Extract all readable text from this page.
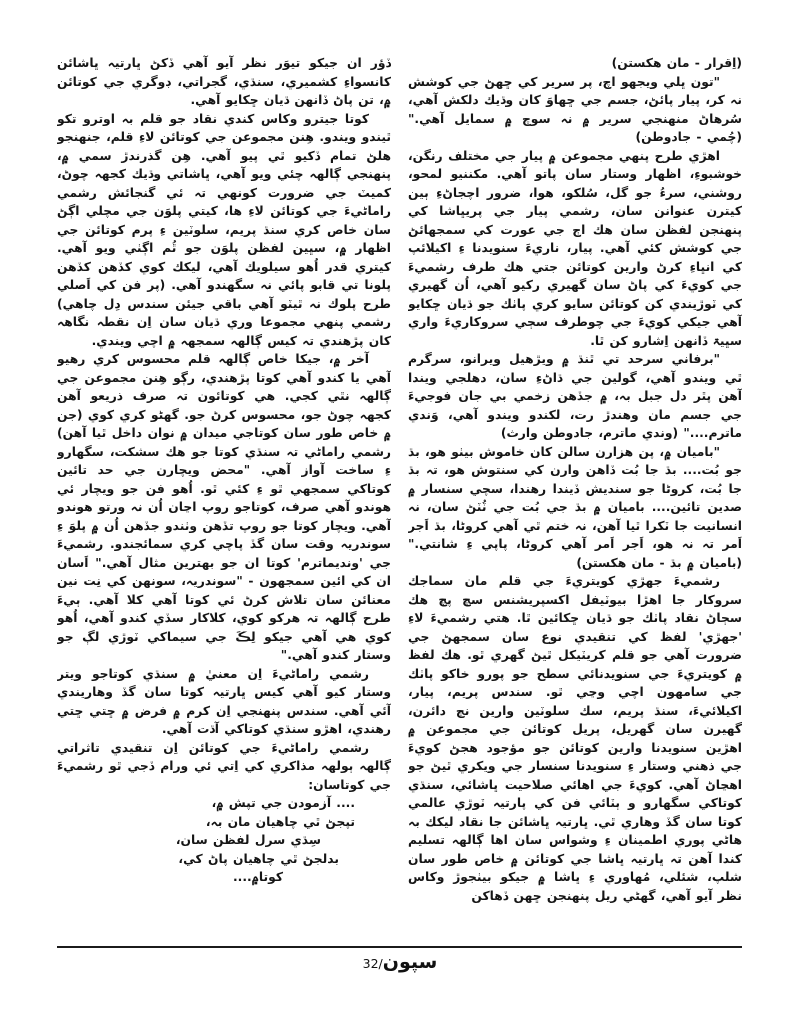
(اِقرار - مان هكستن)

"تون ڀلي ويجهو اچ، پر سرير كي ڇهڻ جي كوشش نہ كر، پيار پائڻ، جسم جي ڇهاوَ كان وڌيك دلكش آهي، سُرهاڻ منهنجي سرير ۾ نہ سوچ ۾ سمايل آهي." (چُمي - جادوطن)

اهڙي طرح پنهي مجموعن ۾ پيار جي مختلف رنگن، خوشبوءِ، اظهار وستار سان پاتو آهي. مكننيو لمحو، روشني، سرءُ جو گل، سُلكو، هوا، ضرور اچجاڻءِ ٻين كيترن عنوانن سان، رشمي پيار جي پريڀاشا كي پنهنجن لفظن سان هك اڄ جي عورت كي سمجهائڻ جي كوشش كئي آهي. پيار، ناريءَ سنويدنا ءِ اكيلائپ كي انڀاءِ كرڻ وارين كوتائن جتي هك طرف رشميءَ جي كويءَ كي پاڻ سان گهيري ركيو آهي، اُن گهيري كي ٽوڙيندي كن كوتائن سايو كري پاٺك جو ڌيان ڇكايو آهي جيكي كويءَ جي چوطرف سڄي سروكاريءَ واري سڀيۃ ڏانهن اِشارو كن ٿا.

"برفاني سرحد تي ٿنڌ ۾ ويڙهيل ويرانو، سرگرم ٿي ويندو آهي، گولين جي ڌاڻءِ سان، دهلجي ويندا آهن پٿر دل جبل بہ، ۾ جڏهن زخمي بي جان فوجيءَ جي جسم مان وهندڙ رت، لكندو ويندو آهي، وَندي ماترم...." (وندي ماترم، جادوطن وارث)

"باميان ۾، پن هزارن سالن كان خاموش بيٺو هو، بڌ جو بُت.... بڌ جا بُت ڏاهن وارن كي سنتوش هو، تہ بڌ جا بُت، كروڻا جو سنديش ڏيندا رهندا، سچي سنسار ۾ صدين تائين.... باميان ۾ بڌ جي بُت جي ٽُٽڻ سان، نہ انسانيت جا ٽكرا ٿيا آهن، نہ ختم ٿي آهي كروڻا، بڌ اَجر اَمر تہ نہ هو، اَجر اَمر آهي كروڻا، پاپي ءِ شانتي." (باميان ۾ بڌ - مان هكستن)

رشميءَ جهڙي كويتريءَ جي قلم مان سماجك سروكار جا اهڙا بيوٽيفل اكسپريشنس سچ پچ هك سڄاڻ نقاد پاٺك جو ڌيان ڇكائين ٿا. هتي رشميءَ لاءِ 'جهڙي' لفظ كي تنقيدي نوع سان سمجهڻ جي ضرورت آهي جو قلم كريٽيكل ٿيڻ گهري ٿو. هك لفظ ۾ كويتريءَ جي سنويدنائي سطح جو پورو خاكو پاٺك جي سامهون اچي وڃي ٿو. سندس پريم، پيار، اكيلائيءَ، سنڌ پريم، سك سلوٽين وارين نڄ دائرن، گهيرن سان گهريل، پريل كوتائن جي مجموعن ۾ اهڙين سنويدنا وارين كوتائن جو مؤجود هجڻ كويءَ جي ذهني وستار ءِ سنويدنا سنسار جي ويكري ٿيڻ جو اهڃاڻ آهي. كويءَ جي اهائي صلاحيت ڀاشائي، سنڌي كوتاكي سگهارو و ٻٽائي فن كي پارتيہ ٽوڙي عالمي كوتا سان گڏ وهاري ٿي. ڀارتيہ ڀاشائن جا نقاد ليكك بہ هاڻي پوري اطمينان ءِ وشواس سان اها ڳالهہ تسليم كندا آهن تہ ڀارتيہ ڀاشا جي كوتائن ۾ خاص طور سان شلپ، شئلي، مُهاوري ءِ ڀاشا ۾ جيكو بيٺجوڙ وكاس نظر آيو آهي، گهڻي ريل پنهنجن ڇهن ڏهاكن

ڏؤر ان جيكو تيوَر نظر آيو آهي ڏكڻ ڀارتيہ ڀاشائن كانسواءِ كشميري، سنڌي، گجراتي، ڊوگري جي كوتائن ۾، تن پاڻ ڏانهن ڌيان ڇكايو آهي.

كوتا جيترو وكاس كندي نقاد جو قلم بہ اوترو تكو ٿيندو ويندو. هِنن مجموعن جي كوتائن لاءِ قلم، جنهنجو هلڻ تمام ڏكيو ٿي پيو آهي. هِن گذرندڙ سمي ۾، پنهنجي ڳالهہ چئي ويو آهي، ڀاشاتي وڌيك كجهہ چوڻ، كميٽ جي ضرورت كونهي تہ ئي گنجائش رشمي راماڻيءَ جي كوتائن لاءِ ها، كيتي پلوَن جي مچلي اڳڻ سان خاص كري سنڌ پريم، سلوٽين ءِ پرم كوتائن جي اظهار ۾، سڀين لفظن پلوَن جو ٿُم اڳٺي ويو آهي. كيتري قدر اُهو سيلويك آهي، ليكك كوي كڏهن كڏهن پلونا تي قابو پائي نہ سگهندو آهي. (پر فن كي اَصلي طرح پلوك نہ ٿيٽو آهي باقي جيئن سندس دِل چاهي) رشمي پنهي مجموعا وري ڌيان سان اِن نقطہ نگاهہ كان پڙهندي تہ كيس ڳالهہ سمجهہ ۾ اچي ويندي.

آخر ۾، جيكا خاص ڳالهہ قلم محسوس كري رهيو آهي يا كندو آهي كوتا پڙهندي، رڳو هِنن مجموعن جي ڳالهہ نٿي كجي. هي كوتائون تہ صرف ذريعو آهن كجهہ چوڻ جو، محسوس كرڻ جو. گهڻو كري كوي (جن ۾ خاص طور سان كوتاجي ميدان ۾ نوان داخل ٿيا آهن) رشمي راماڻي تہ سنڌي كوتا جو هك سشكت، سگهارو ءِ ساخت آواز آهي. "محض ويچارن جي حد تائين كوتاكي سمجهي ٿو ءِ كئي ٿو. اُهو فن جو ويچار ئي هوندو آهي صرف، كوتاجو روپ اڃان اُن نہ ورتو هوندو آهي. ويچار كوتا جو روپ تڏهن وٺندو جڏهن اُن ۾ پلوَ ءِ سوندريہ وقت سان گڏ پاچي كري سمائجندو. رشميءَ جي 'ونديماترم' كوتا ان جو بهترين مثال آهي." اَسان ان كي ائين سمجهون - "سوندريہ، سونهن كي نِت نين معنائن سان تلاش كرڻ ئي كوتا آهي كلا آهي. ٻيءَ طرح ڳالهہ تہ هركو كوي، كلاكار سڏي كندو آهي، اُهو كوي هي آهي جيكو لِڪَ جي سيماكي ٽوڙي لڳ جو وستار كندو آهي."

رشمي راماڻيءَ اِن معنيٰ ۾ سنڌي كوتاجو ويتر وستار كيو آهي كيس ڀارتيہ كوتا سان گڏ وهاريندي آئي آهي. سندس پنهنجي اِن كرم ۾ فرض ۾ ڇتي ڇتي رهندي، اهڙو سنڌي كوتاكي آڌت آهي.

رشمي راماڻيءَ جي كوتائن اِن تنقيدي تاثراتي ڳالهہ ٻولهہ مذاكري كي اِتي ئي ورام ڏجي ٿو رشميءَ جي كوتاسان:

.... آزمودن جي تپش ۾،
تپجڻ ٿي چاهيان مان بہ،
سِڌي سرل لفظن سان،
بدلجڻ ٿي چاهيان پاڻ كي،
كوتا۾....
سپون/32
